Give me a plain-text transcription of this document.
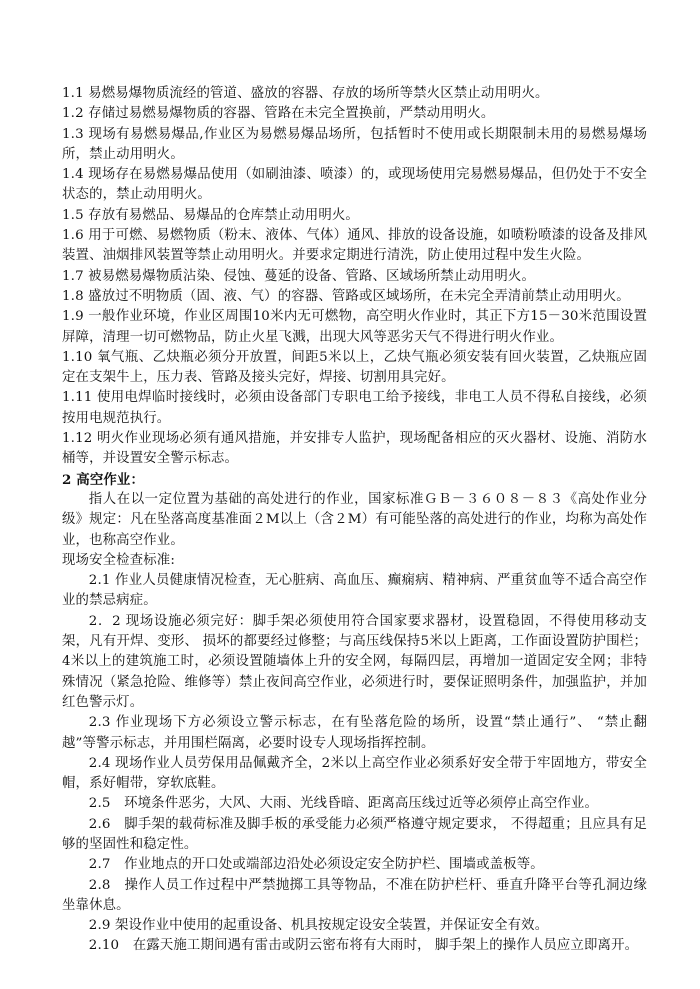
1.1 易燃易爆物质流经的管道、盛放的容器、存放的场所等禁火区禁止动用明火。

1.2 存储过易燃易爆物质的容器、管路在未完全置换前，严禁动用明火。

1.3 现场有易燃易爆品,作业区为易燃易爆品场所，包括暂时不使用或长期限制未用的易燃易爆场所，禁止动用明火。

1.4 现场存在易燃易爆品使用（如刷油漆、喷漆）的，或现场使用完易燃易爆品，但仍处于不安全状态的，禁止动用明火。

1.5 存放有易燃品、易爆品的仓库禁止动用明火。

1.6 用于可燃、易燃物质（粉末、液体、气体）通风、排放的设备设施，如喷粉喷漆的设备及排风装置、油烟排风装置等禁止动用明火。并要求定期进行清洗，防止使用过程中发生火险。

1.7 被易燃易爆物质沾染、侵蚀、蔓延的设备、管路、区域场所禁止动用明火。

1.8 盛放过不明物质（固、液、气）的容器、管路或区域场所，在未完全弄清前禁止动用明火。

1.9 一般作业环境，作业区周围10米内无可燃物，高空明火作业时，其正下方15－30米范围设置屏障，清理一切可燃物品，防止火星飞溅，出现大风等恶劣天气不得进行明火作业。

1.10 氧气瓶、乙炔瓶必须分开放置，间距5米以上，乙炔气瓶必须安装有回火装置，乙炔瓶应固定在支架牛上，压力表、管路及接头完好，焊接、切割用具完好。

1.11 使用电焊临时接线时，必须由设备部门专职电工给予接线，非电工人员不得私自接线，必须按用电规范执行。

1.12 明火作业现场必须有通风措施，并安排专人监护，现场配备相应的灭火器材、设施、消防水桶等，并设置安全警示标志。

2 高空作业：

指人在以一定位置为基础的高处进行的作业，国家标准ＧＢ－３６０８－８３《高处作业分级》规定：凡在坠落高度基准面２M以上（含２M）有可能坠落的高处进行的作业，均称为高处作业，也称高空作业。

现场安全检查标准:

2.1 作业人员健康情况检查，无心脏病、高血压、癫痫病、精神病、严重贫血等不适合高空作业的禁忌病症。

2．2 现场设施必须完好：脚手架必须使用符合国家要求器材，设置稳固，不得使用移动支架，凡有开焊、变形、 损坏的都要经过修整；与高压线保持5米以上距离，工作面设置防护围栏；4米以上的建筑施工时，必须设置随墙体上升的安全网，每隔四层，再增加一道固定安全网；非特殊情况（紧急抢险、维修等）禁止夜间高空作业，必须进行时，要保证照明条件，加强监护，并加红色警示灯。

2.3 作业现场下方必须设立警示标志，在有坠落危险的场所，设置“禁止通行”、 “禁止翻越”等警示标志，并用围栏隔离，必要时设专人现场指挥控制。

2.4 现场作业人员劳保用品佩戴齐全，2米以上高空作业必须系好安全带于牢固地方，带安全帽，系好帽带，穿软底鞋。

2.5　环境条件恶劣，大风、大雨、光线昏暗、距离高压线过近等必须停止高空作业。

2.6　脚手架的载荷标准及脚手板的承受能力必须严格遵守规定要求， 不得超重；且应具有足够的坚固性和稳定性。

2.7　作业地点的开口处或端部边沿处必须设定安全防护栏、围墙或盖板等。

2.8　操作人员工作过程中严禁抛掷工具等物品，不准在防护栏杆、垂直升降平台等孔洞边缘坐靠休息。

2.9 架设作业中使用的起重设备、机具按规定设安全装置，并保证安全有效。

2.10　在露天施工期间遇有雷击或阴云密布将有大雨时， 脚手架上的操作人员应立即离开。
